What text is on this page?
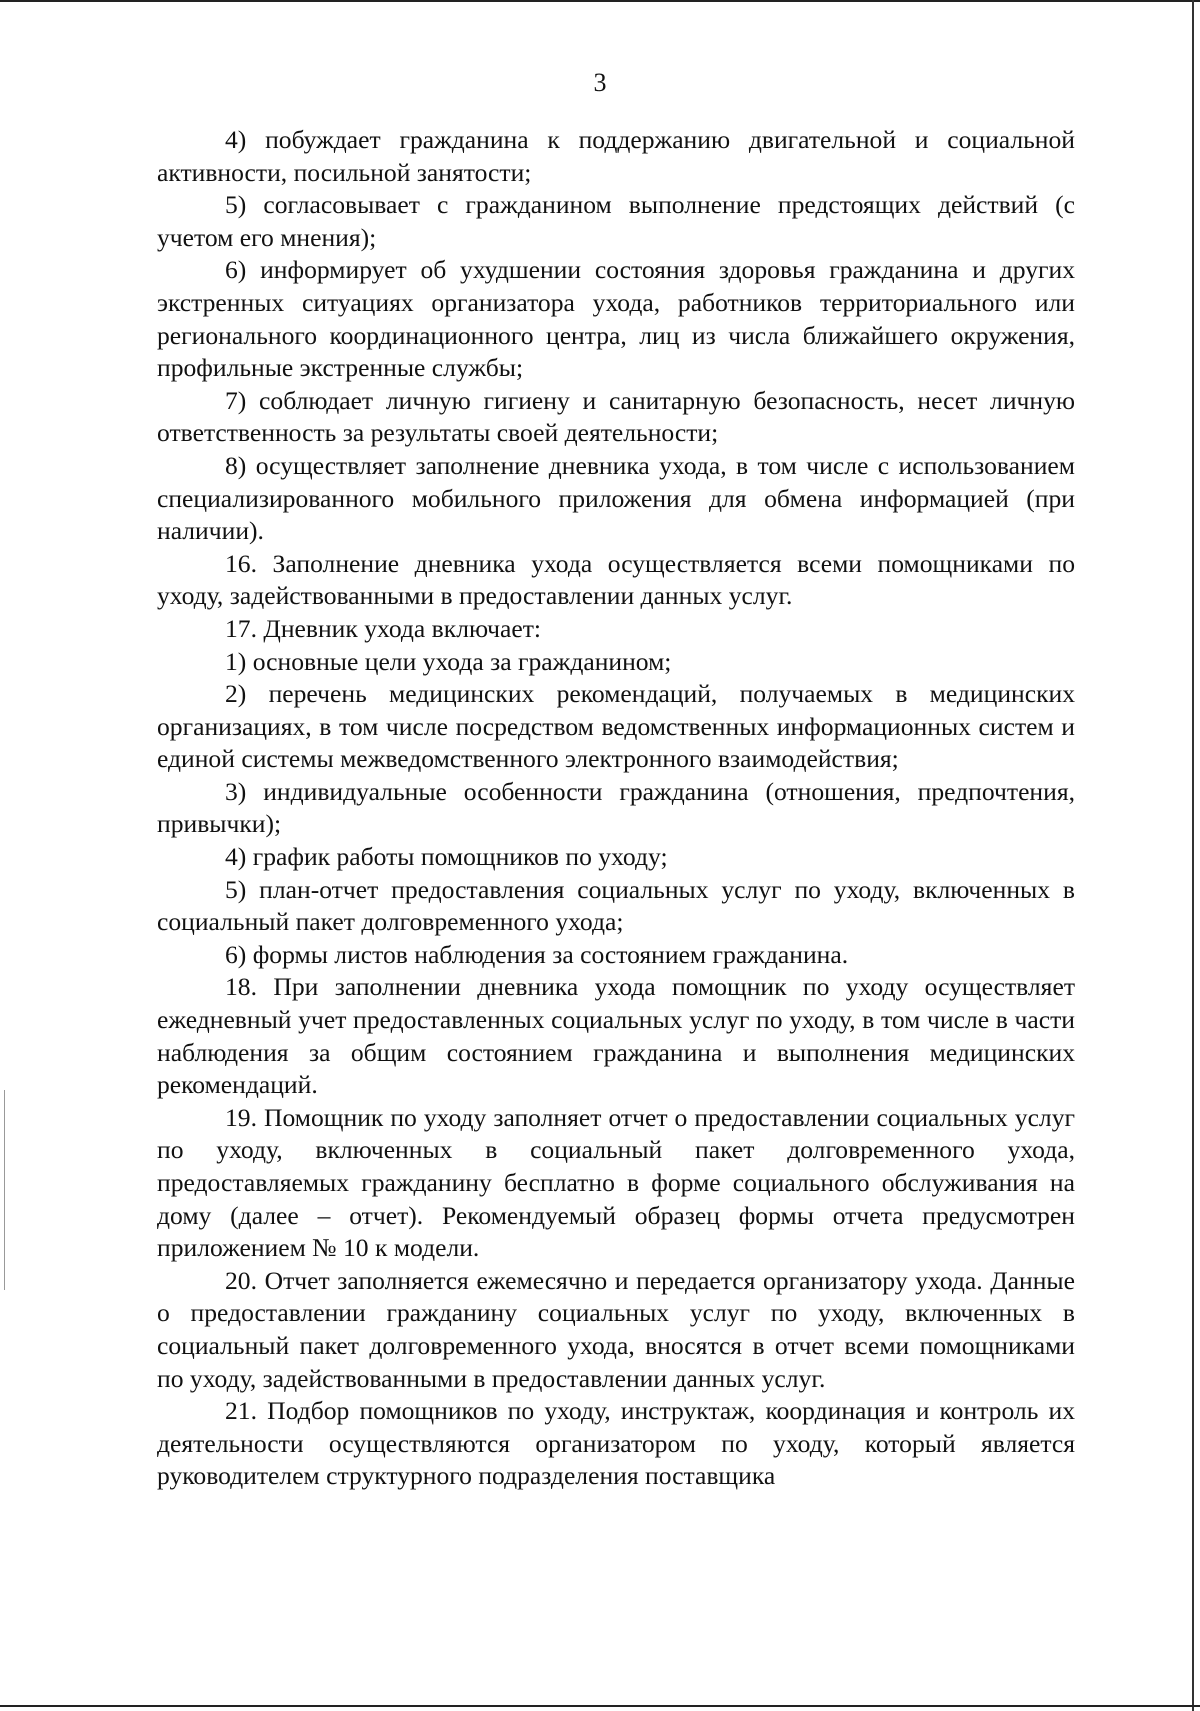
3

4) побуждает гражданина к поддержанию двигательной и социальной активности, посильной занятости;

5) согласовывает с гражданином выполнение предстоящих действий (с учетом его мнения);

6) информирует об ухудшении состояния здоровья гражданина и других экстренных ситуациях организатора ухода, работников территориального или регионального координационного центра, лиц из числа ближайшего окружения, профильные экстренные службы;

7) соблюдает личную гигиену и санитарную безопасность, несет личную ответственность за результаты своей деятельности;

8) осуществляет заполнение дневника ухода, в том числе с использованием специализированного мобильного приложения для обмена информацией (при наличии).

16. Заполнение дневника ухода осуществляется всеми помощниками по уходу, задействованными в предоставлении данных услуг.

17. Дневник ухода включает:

1) основные цели ухода за гражданином;

2) перечень медицинских рекомендаций, получаемых в медицинских организациях, в том числе посредством ведомственных информационных систем и единой системы межведомственного электронного взаимодействия;

3) индивидуальные особенности гражданина (отношения, предпочтения, привычки);

4) график работы помощников по уходу;

5) план-отчет предоставления социальных услуг по уходу, включенных в социальный пакет долговременного ухода;

6) формы листов наблюдения за состоянием гражданина.

18. При заполнении дневника ухода помощник по уходу осуществляет ежедневный учет предоставленных социальных услуг по уходу, в том числе в части наблюдения за общим состоянием гражданина и выполнения медицинских рекомендаций.

19. Помощник по уходу заполняет отчет о предоставлении социальных услуг по уходу, включенных в социальный пакет долговременного ухода, предоставляемых гражданину бесплатно в форме социального обслуживания на дому (далее – отчет). Рекомендуемый образец формы отчета предусмотрен приложением № 10 к модели.

20. Отчет заполняется ежемесячно и передается организатору ухода. Данные о предоставлении гражданину социальных услуг по уходу, включенных в социальный пакет долговременного ухода, вносятся в отчет всеми помощниками по уходу, задействованными в предоставлении данных услуг.

21. Подбор помощников по уходу, инструктаж, координация и контроль их деятельности осуществляются организатором по уходу, который является руководителем структурного подразделения поставщика
